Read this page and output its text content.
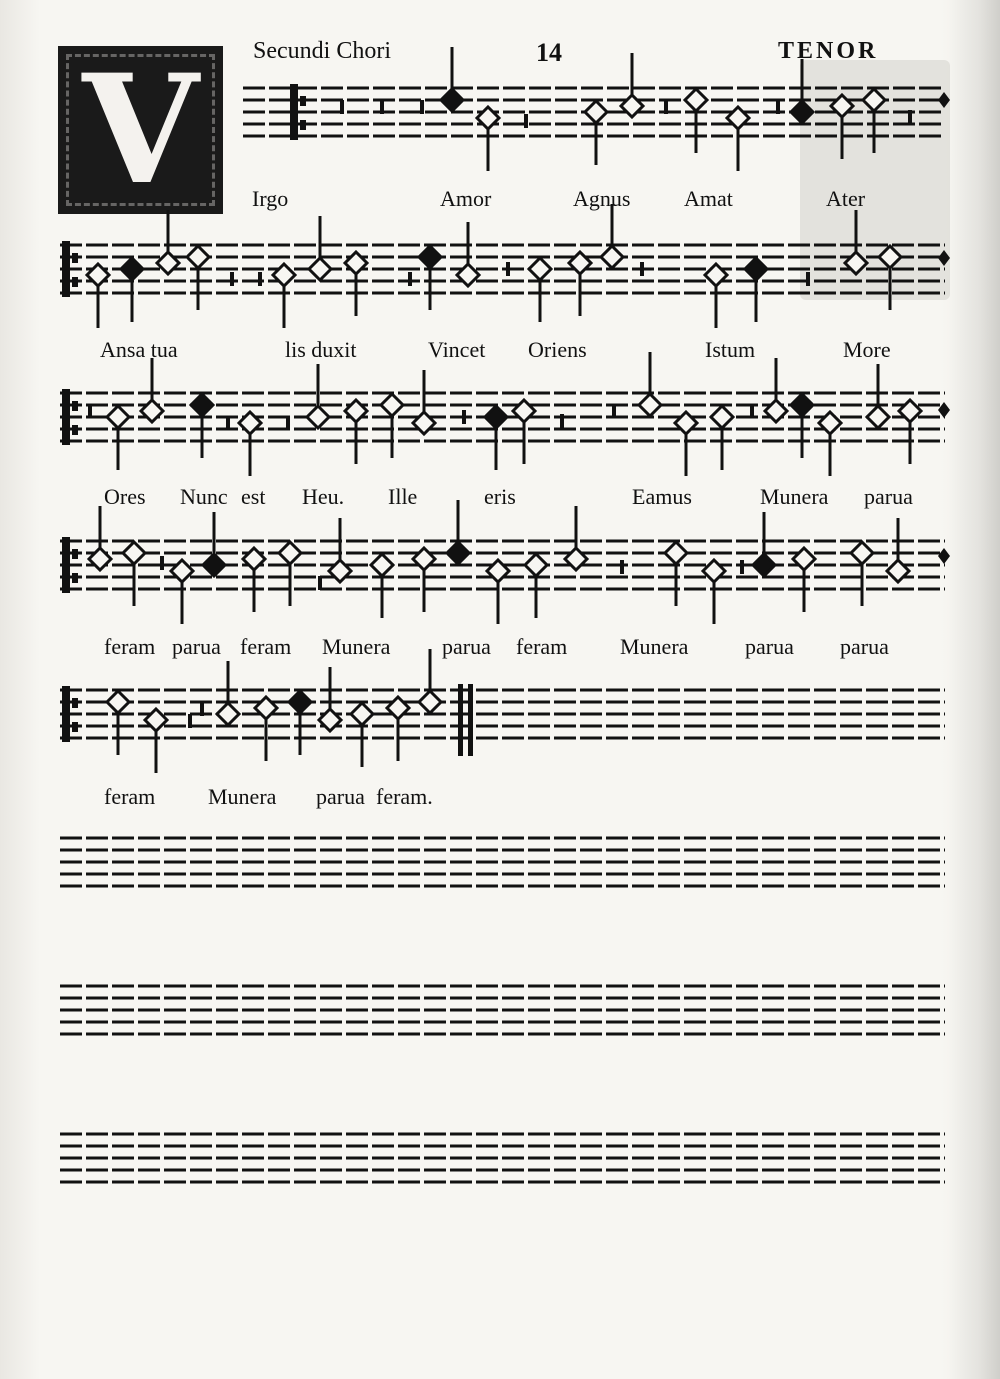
V Secundi Chori	14	TENOR
Irgo	Amor	Agnus Amat	Ater
Ansa tua	lis duxit	Vincet Oriens	Istum	More
Ores Nunc est Heu. Ille	eris	Eamus	Munera parua
feram parua feram Munera parua feram Munera	parua parua
feram Munera parua feram.
